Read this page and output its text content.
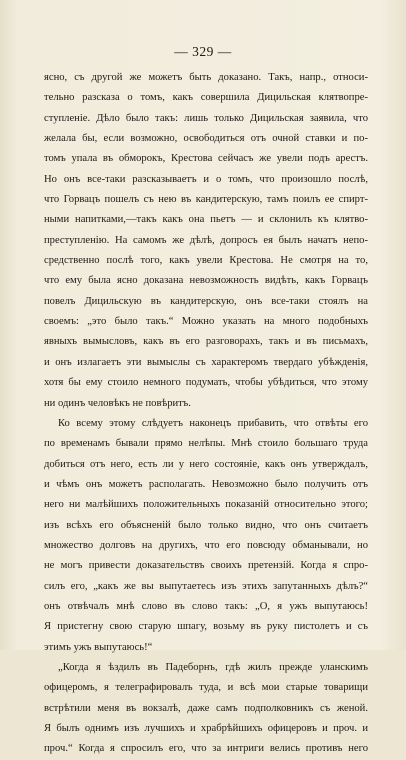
— 329 —
ясно, съ другой же можетъ быть доказано. Такъ, напр., относи-
тельно разсказа о томъ, какъ совершила Дицильская клятвопре-
ступленіе. Дѣло было такъ: лишь только Дицильская заявила, что
желала бы, если возможно, освободиться отъ очной ставки и по-
томъ упала въ обморокъ, Крестова сейчасъ же увели подъ арестъ.
Но онъ все-таки разсказываетъ и о томъ, что произошло послѣ,
что Горвацъ пошелъ съ нею въ кандитерскую, тамъ поилъ ее спирт-
ными напитками,—такъ какъ она пьетъ — и склонилъ къ клятво-
преступленію. На самомъ же дѣлѣ, допросъ ея былъ начатъ непо-
средственно послѣ того, какъ увели Крестова. Не смотря на то,
что ему была ясно доказана невозможность видѣть, какъ Горвацъ
повелъ Дицильскую въ кандитерскую, онъ все-таки стоялъ на
своемъ: „это было такъ.“ Можно указать на много подобныхъ
явныхъ вымысловъ, какъ въ его разговорахъ, такъ и въ письмахъ,
и онъ излагаетъ эти вымыслы съ характеромъ твердаго убѣжденія,
хотя бы ему стоило немного подумать, чтобы убѣдиться, что этому
ни одинъ человѣкъ не повѣритъ.
Ко всему этому слѣдуетъ наконецъ прибавить, что отвѣты его
по временамъ бывали прямо нелѣпы. Мнѣ стоило большаго труда
добиться отъ него, есть ли у него состояніе, какъ онъ утверждалъ,
и чѣмъ онъ можетъ располагать. Невозможно было получить отъ
него ни малѣйшихъ положительныхъ показаній относительно этого;
изъ всѣхъ его объясненій было только видно, что онъ считаетъ
множество долговъ на другихъ, что его повсюду обманывали, но
не могъ привести доказательствъ своихъ претензій. Когда я спро-
силъ его, „какъ же вы выпутаетесь изъ этихъ запутанныхъ дѣлъ?“
онъ отвѣчалъ мнѣ слово въ слово такъ: „О, я ужъ выпутаюсь!
Я пристегну свою старую шпагу, возьму въ руку пистолетъ и съ
этимъ ужъ выпутаюсь!“
„Когда я ѣздилъ въ Падеборнъ, гдѣ жилъ прежде уланскимъ
офицеромъ, я телеграфировалъ туда, и всѣ мои старые товарищи
встрѣтили меня въ вокзалѣ, даже самъ подполковникъ съ женой.
Я былъ однимъ изъ лучшихъ и храбрѣйшихъ офицеровъ и проч. и
проч.“ Когда я спросилъ его, что за интриги велись противъ него
